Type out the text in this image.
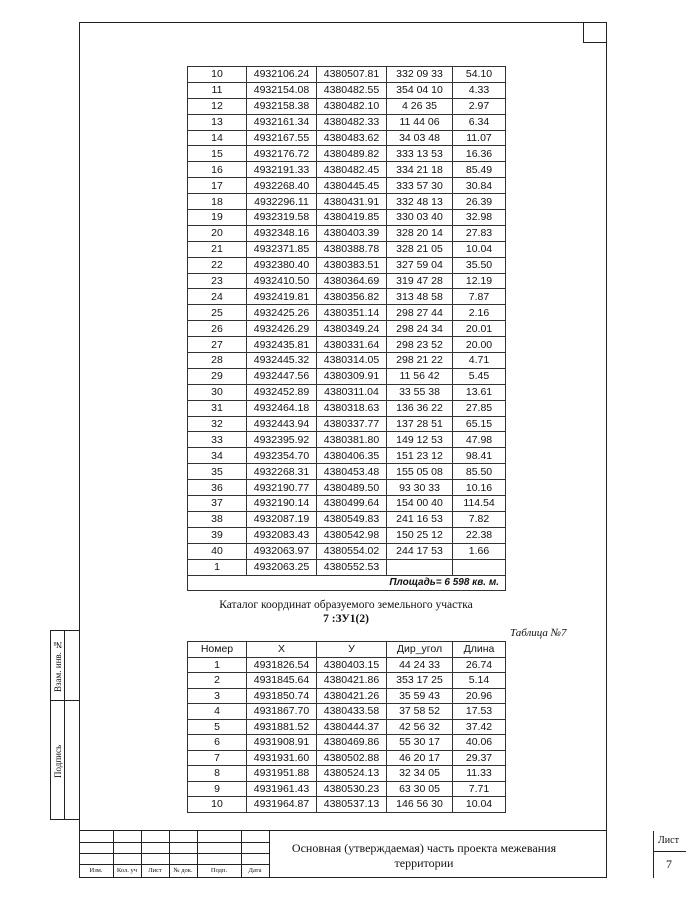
Взам. инв. №
Подпись
10	4932106.24	4380507.81	332 09 33	54.10
11	4932154.08	4380482.55	354 04 10	4.33
12	4932158.38	4380482.10	4 26 35	2.97
13	4932161.34	4380482.33	11 44 06	6.34
14	4932167.55	4380483.62	34 03 48	11.07
15	4932176.72	4380489.82	333 13 53	16.36
16	4932191.33	4380482.45	334 21 18	85.49
17	4932268.40	4380445.45	333 57 30	30.84
18	4932296.11	4380431.91	332 48 13	26.39
19	4932319.58	4380419.85	330 03 40	32.98
20	4932348.16	4380403.39	328 20 14	27.83
21	4932371.85	4380388.78	328 21 05	10.04
22	4932380.40	4380383.51	327 59 04	35.50
23	4932410.50	4380364.69	319 47 28	12.19
24	4932419.81	4380356.82	313 48 58	7.87
25	4932425.26	4380351.14	298 27 44	2.16
26	4932426.29	4380349.24	298 24 34	20.01
27	4932435.81	4380331.64	298 23 52	20.00
28	4932445.32	4380314.05	298 21 22	4.71
29	4932447.56	4380309.91	11 56 42	5.45
30	4932452.89	4380311.04	33 55 38	13.61
31	4932464.18	4380318.63	136 36 22	27.85
32	4932443.94	4380337.77	137 28 51	65.15
33	4932395.92	4380381.80	149 12 53	47.98
34	4932354.70	4380406.35	151 23 12	98.41
35	4932268.31	4380453.48	155 05 08	85.50
36	4932190.77	4380489.50	93 30 33	10.16
37	4932190.14	4380499.64	154 00 40	114.54
38	4932087.19	4380549.83	241 16 53	7.82
39	4932083.43	4380542.98	150 25 12	22.38
40	4932063.97	4380554.02	244 17 53	1.66
1	4932063.25	4380552.53		
Площадь= 6 598 кв. м.				
Каталог координат образуемого земельного участка
7 :ЗУ1(2)
Таблица №7
Номер	X	У	Дир_угол	Длина
1	4931826.54	4380403.15	44 24 33	26.74
2	4931845.64	4380421.86	353 17 25	5.14
3	4931850.74	4380421.26	35 59 43	20.96
4	4931867.70	4380433.58	37 58 52	17.53
5	4931881.52	4380444.37	42 56 32	37.42
6	4931908.91	4380469.86	55 30 17	40.06
7	4931931.60	4380502.88	46 20 17	29.37
8	4931951.88	4380524.13	32 34 05	11.33
9	4931961.43	4380530.23	63 30 05	7.71
10	4931964.87	4380537.13	146 56 30	10.04
Изм.	Кол. уч	Лист	№ док.	Подп.	Дата
Основная (утверждаемая) часть проекта межевания
территории
Лист
7
